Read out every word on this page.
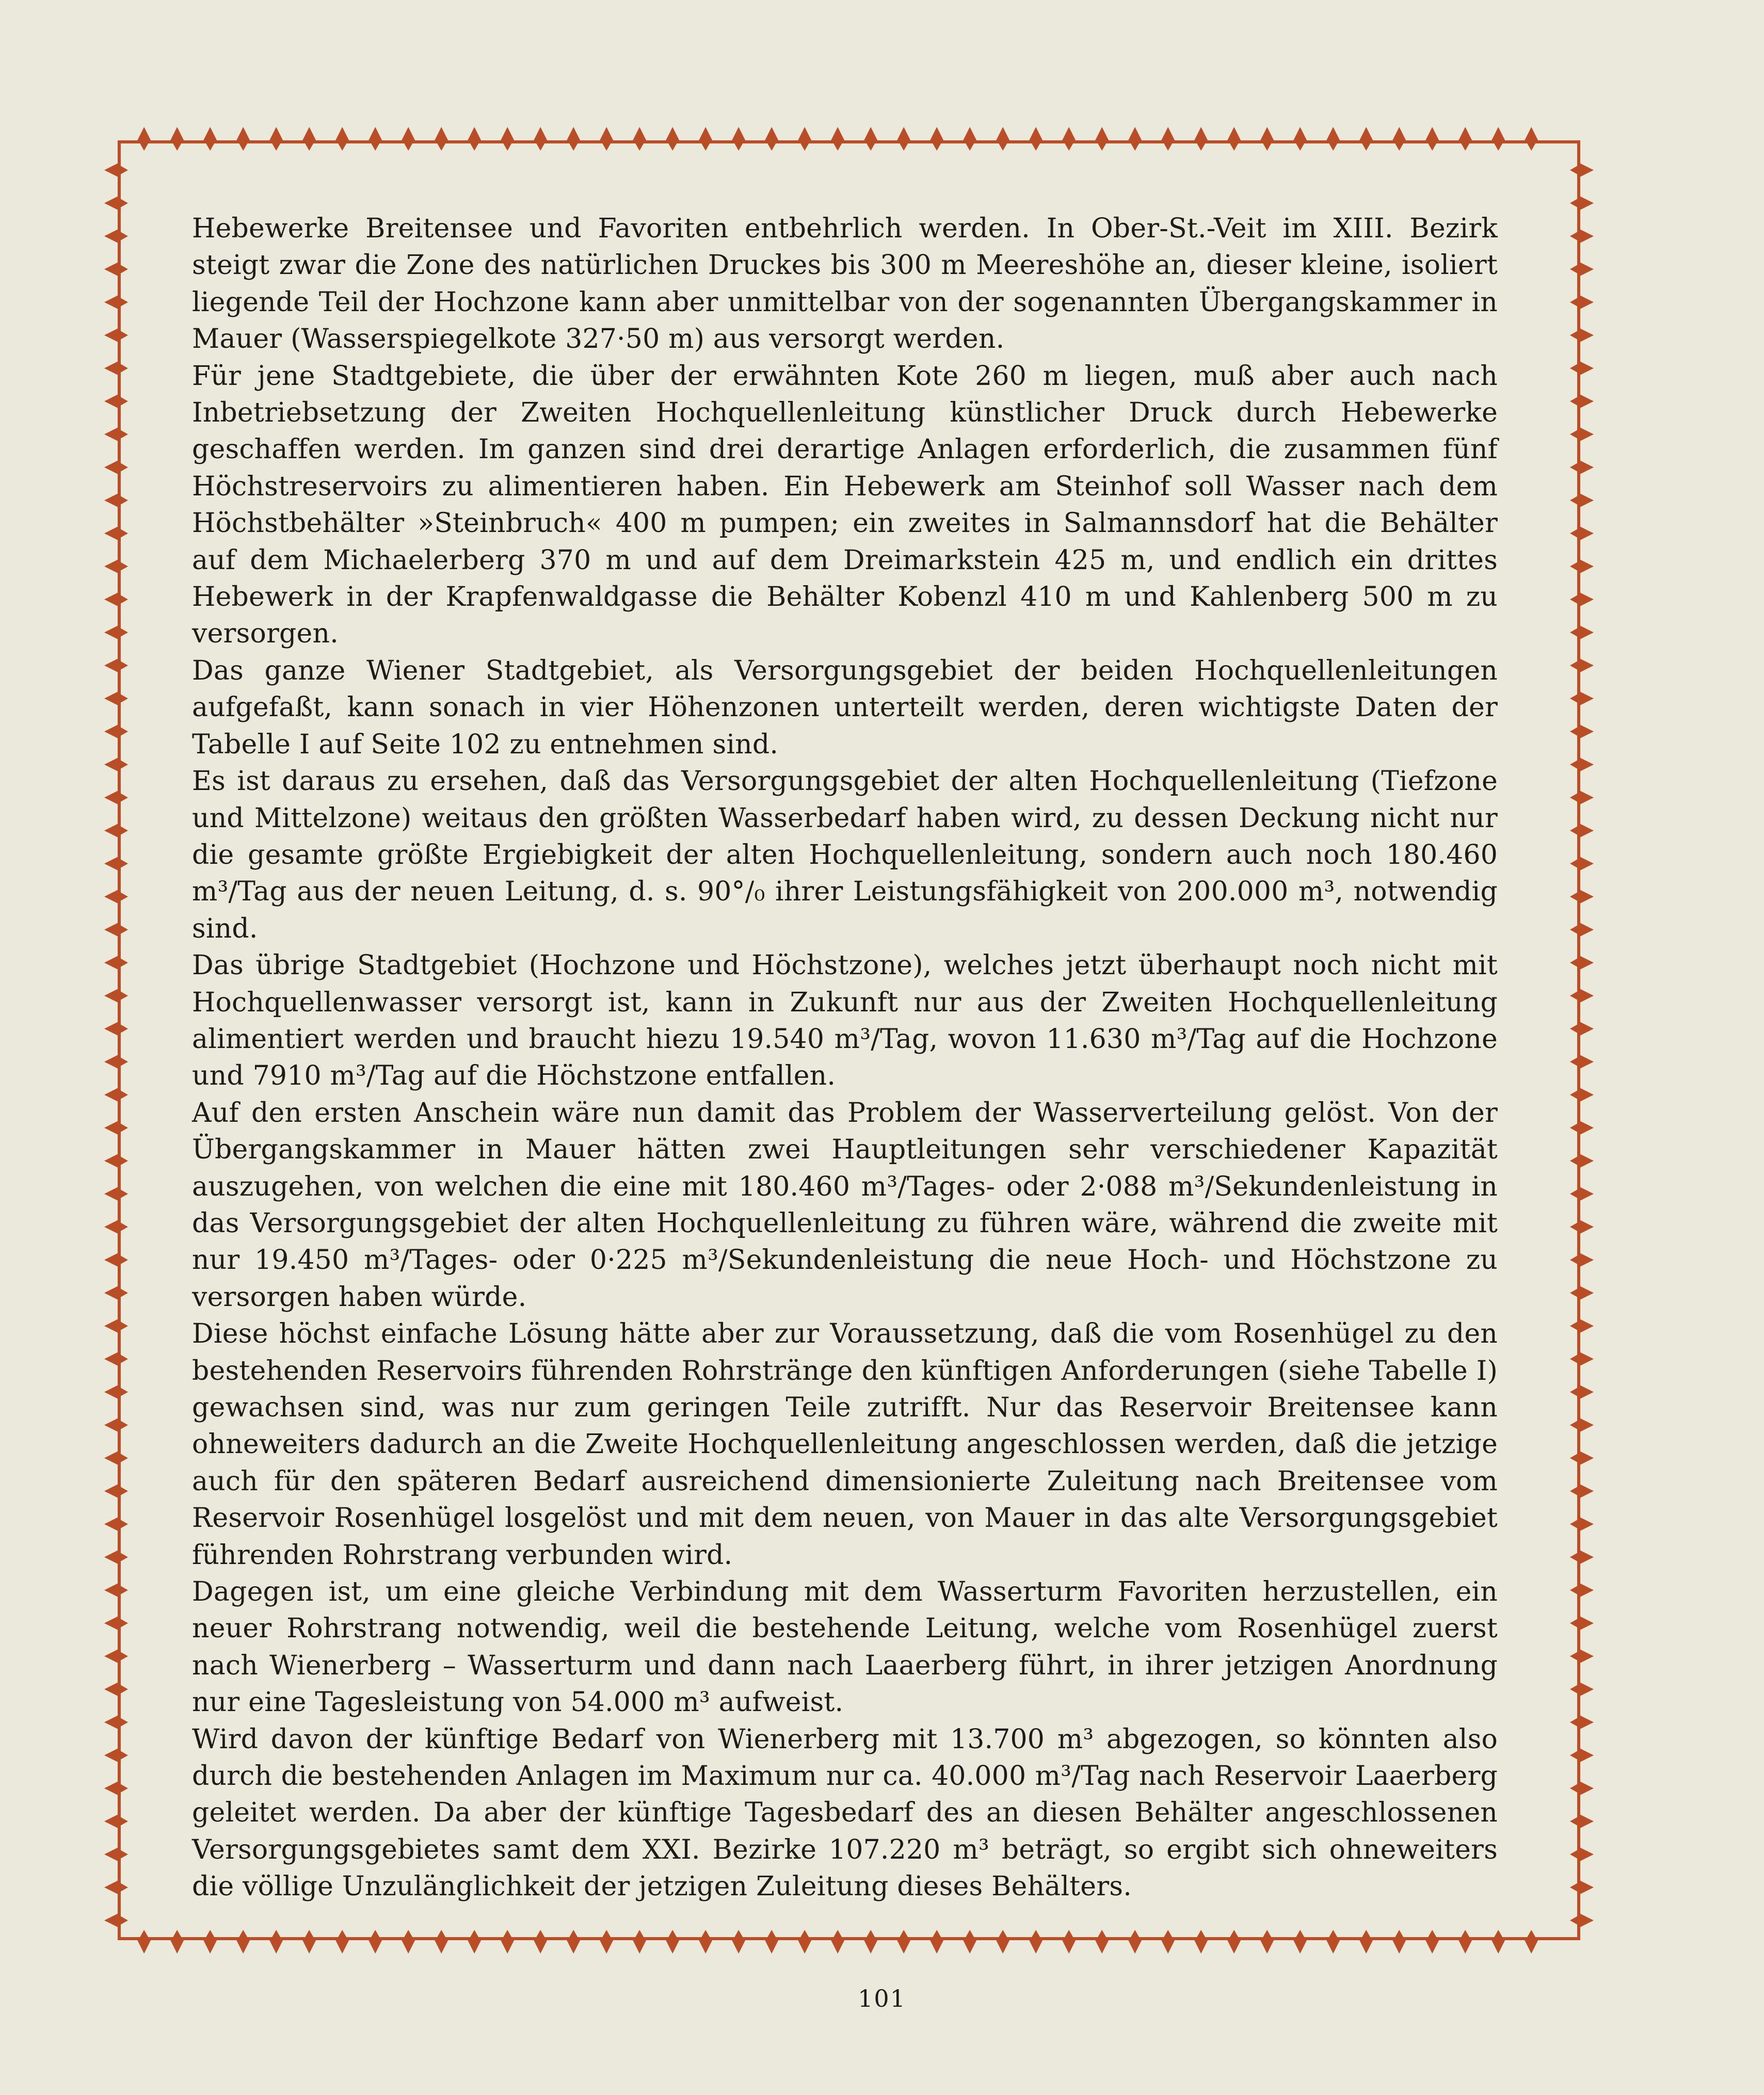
Hebewerke Breitensee und Favoriten entbehrlich werden. In Ober-St.-Veit im XIII. Bezirk steigt zwar die Zone des natürlichen Druckes bis 300 m Meereshöhe an, dieser kleine, isoliert liegende Teil der Hochzone kann aber unmittelbar von der sogenannten Übergangskammer in Mauer (Wasserspiegelkote 327·50 m) aus versorgt werden.

Für jene Stadtgebiete, die über der erwähnten Kote 260 m liegen, muß aber auch nach Inbetriebsetzung der Zweiten Hochquellenleitung künstlicher Druck durch Hebewerke geschaffen werden. Im ganzen sind drei derartige Anlagen erforderlich, die zusammen fünf Höchstreservoirs zu alimentieren haben. Ein Hebewerk am Steinhof soll Wasser nach dem Höchstbehälter »Steinbruch« 400 m pumpen; ein zweites in Salmannsdorf hat die Behälter auf dem Michaelerberg 370 m und auf dem Dreimarkstein 425 m, und endlich ein drittes Hebewerk in der Krapfenwaldgasse die Behälter Kobenzl 410 m und Kahlenberg 500 m zu versorgen.

Das ganze Wiener Stadtgebiet, als Versorgungsgebiet der beiden Hochquellenleitungen aufgefaßt, kann sonach in vier Höhenzonen unterteilt werden, deren wichtigste Daten der Tabelle I auf Seite 102 zu entnehmen sind.

Es ist daraus zu ersehen, daß das Versorgungsgebiet der alten Hochquellenleitung (Tiefzone und Mittelzone) weitaus den größten Wasserbedarf haben wird, zu dessen Deckung nicht nur die gesamte größte Ergiebigkeit der alten Hochquellenleitung, sondern auch noch 180.460 m³/Tag aus der neuen Leitung, d. s. 90°/₀ ihrer Leistungsfähigkeit von 200.000 m³, notwendig sind.

Das übrige Stadtgebiet (Hochzone und Höchstzone), welches jetzt überhaupt noch nicht mit Hochquellenwasser versorgt ist, kann in Zukunft nur aus der Zweiten Hochquellenleitung alimentiert werden und braucht hiezu 19.540 m³/Tag, wovon 11.630 m³/Tag auf die Hochzone und 7910 m³/Tag auf die Höchstzone entfallen.

Auf den ersten Anschein wäre nun damit das Problem der Wasserverteilung gelöst. Von der Übergangskammer in Mauer hätten zwei Hauptleitungen sehr verschiedener Kapazität auszugehen, von welchen die eine mit 180.460 m³/Tages- oder 2·088 m³/Sekundenleistung in das Versorgungsgebiet der alten Hochquellenleitung zu führen wäre, während die zweite mit nur 19.450 m³/Tages- oder 0·225 m³/Sekundenleistung die neue Hoch- und Höchstzone zu versorgen haben würde.

Diese höchst einfache Lösung hätte aber zur Voraussetzung, daß die vom Rosenhügel zu den bestehenden Reservoirs führenden Rohrstränge den künftigen Anforderungen (siehe Tabelle I) gewachsen sind, was nur zum geringen Teile zutrifft. Nur das Reservoir Breitensee kann ohneweiters dadurch an die Zweite Hochquellenleitung angeschlossen werden, daß die jetzige auch für den späteren Bedarf ausreichend dimensionierte Zuleitung nach Breitensee vom Reservoir Rosenhügel losgelöst und mit dem neuen, von Mauer in das alte Versorgungsgebiet führenden Rohrstrang verbunden wird.

Dagegen ist, um eine gleiche Verbindung mit dem Wasserturm Favoriten herzustellen, ein neuer Rohrstrang notwendig, weil die bestehende Leitung, welche vom Rosenhügel zuerst nach Wienerberg – Wasserturm und dann nach Laaerberg führt, in ihrer jetzigen Anordnung nur eine Tagesleistung von 54.000 m³ aufweist.

Wird davon der künftige Bedarf von Wienerberg mit 13.700 m³ abgezogen, so könnten also durch die bestehenden Anlagen im Maximum nur ca. 40.000 m³/Tag nach Reservoir Laaerberg geleitet werden. Da aber der künftige Tagesbedarf des an diesen Behälter angeschlossenen Versorgungsgebietes samt dem XXI. Bezirke 107.220 m³ beträgt, so ergibt sich ohneweiters die völlige Unzulänglichkeit der jetzigen Zuleitung dieses Behälters.

101
